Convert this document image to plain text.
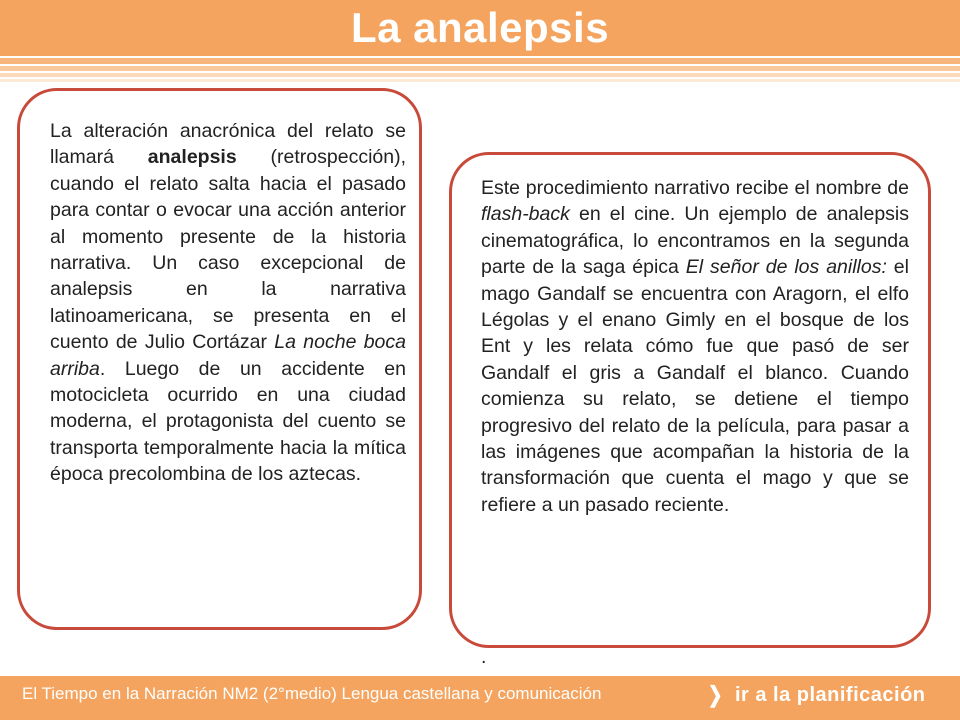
La analepsis

La alteración anacrónica del relato se llamará analepsis (retrospección), cuando el relato salta hacia el pasado para contar o evocar una acción anterior al momento presente de la historia narrativa. Un caso excepcional de analepsis en la narrativa latinoamericana, se presenta en el cuento de Julio Cortázar La noche boca arriba. Luego de un accidente en motocicleta ocurrido en una ciudad moderna, el protagonista del cuento se transporta temporalmente hacia la mítica época precolombina de los aztecas.

Este procedimiento narrativo recibe el nombre de flash-back en el cine. Un ejemplo de analepsis cinematográfica, lo encontramos en la segunda parte de la saga épica El señor de los anillos: el mago Gandalf se encuentra con Aragorn, el elfo Légolas y el enano Gimly en el bosque de los Ent y les relata cómo fue que pasó de ser Gandalf el gris a Gandalf el blanco. Cuando comienza su relato, se detiene el tiempo progresivo del relato de la película, para pasar a las imágenes que acompañan la historia de la transformación que cuenta el mago y que se refiere a un pasado reciente.

.
El Tiempo en la Narración NM2 (2°medio) Lengua castellana y comunicación	❯ ir a la planificación
